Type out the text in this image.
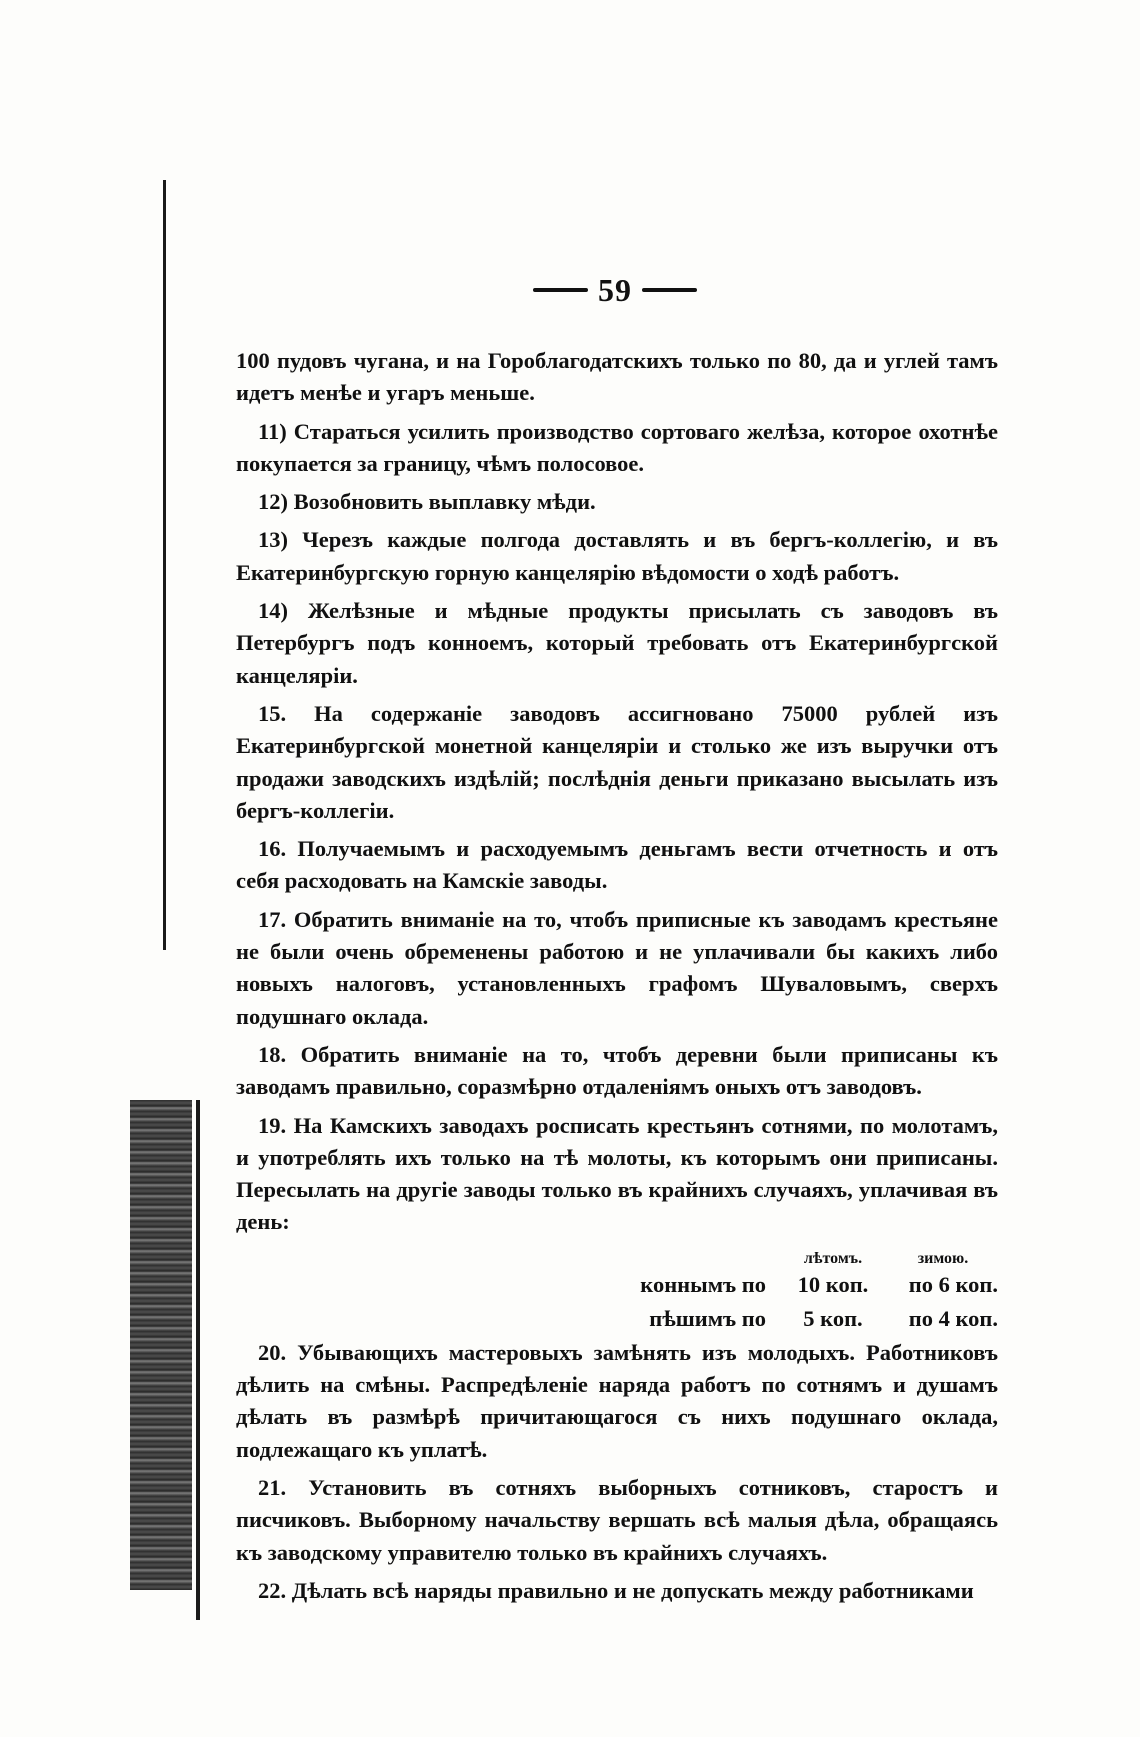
59

100 пудовъ чугана, и на Гороблагодатскихъ только по 80, да и углей тамъ идетъ менѣе и угаръ меньше.

11) Стараться усилить производство сортоваго желѣза, которое охотнѣе покупается за границу, чѣмъ полосовое.

12) Возобновить выплавку мѣди.

13) Черезъ каждые полгода доставлять и въ бергъ-коллегію, и въ Екатеринбургскую горную канцелярію вѣдомости о ходѣ работъ.

14) Желѣзные и мѣдные продукты присылать съ заводовъ въ Петербургъ подъ конноемъ, который требовать отъ Екатеринбургской канцеляріи.

15. На содержаніе заводовъ ассигновано 75000 рублей изъ Екатеринбургской монетной канцеляріи и столько же изъ выручки отъ продажи заводскихъ издѣлій; послѣднія деньги приказано высылать изъ бергъ-коллегіи.

16. Получаемымъ и расходуемымъ деньгамъ вести отчетность и отъ себя расходовать на Камскіе заводы.

17. Обратить вниманіе на то, чтобъ приписные къ заводамъ крестьяне не были очень обременены работою и не уплачивали бы какихъ либо новыхъ налоговъ, установленныхъ графомъ Шуваловымъ, сверхъ подушнаго оклада.

18. Обратить вниманіе на то, чтобъ деревни были приписаны къ заводамъ правильно, соразмѣрно отдаленіямъ оныхъ отъ заводовъ.

19. На Камскихъ заводахъ росписать крестьянъ сотнями, по молотамъ, и употреблять ихъ только на тѣ молоты, къ которымъ они приписаны. Пересылать на другіе заводы только въ крайнихъ случаяхъ, уплачивая въ день:

лѣтомъ.	зимою.
коннымъ по	10 коп.	по 6 коп.
пѣшимъ по	5 коп.	по 4 коп.

20. Убывающихъ мастеровыхъ замѣнять изъ молодыхъ. Работниковъ дѣлить на смѣны. Распредѣленіе наряда работъ по сотнямъ и душамъ дѣлать въ размѣрѣ причитающагося съ нихъ подушнаго оклада, подлежащаго къ уплатѣ.

21. Установить въ сотняхъ выборныхъ сотниковъ, старостъ и писчиковъ. Выборному начальству вершать всѣ малыя дѣла, обращаясь къ заводскому управителю только въ крайнихъ случаяхъ.

22. Дѣлать всѣ наряды правильно и не допускать между работниками
